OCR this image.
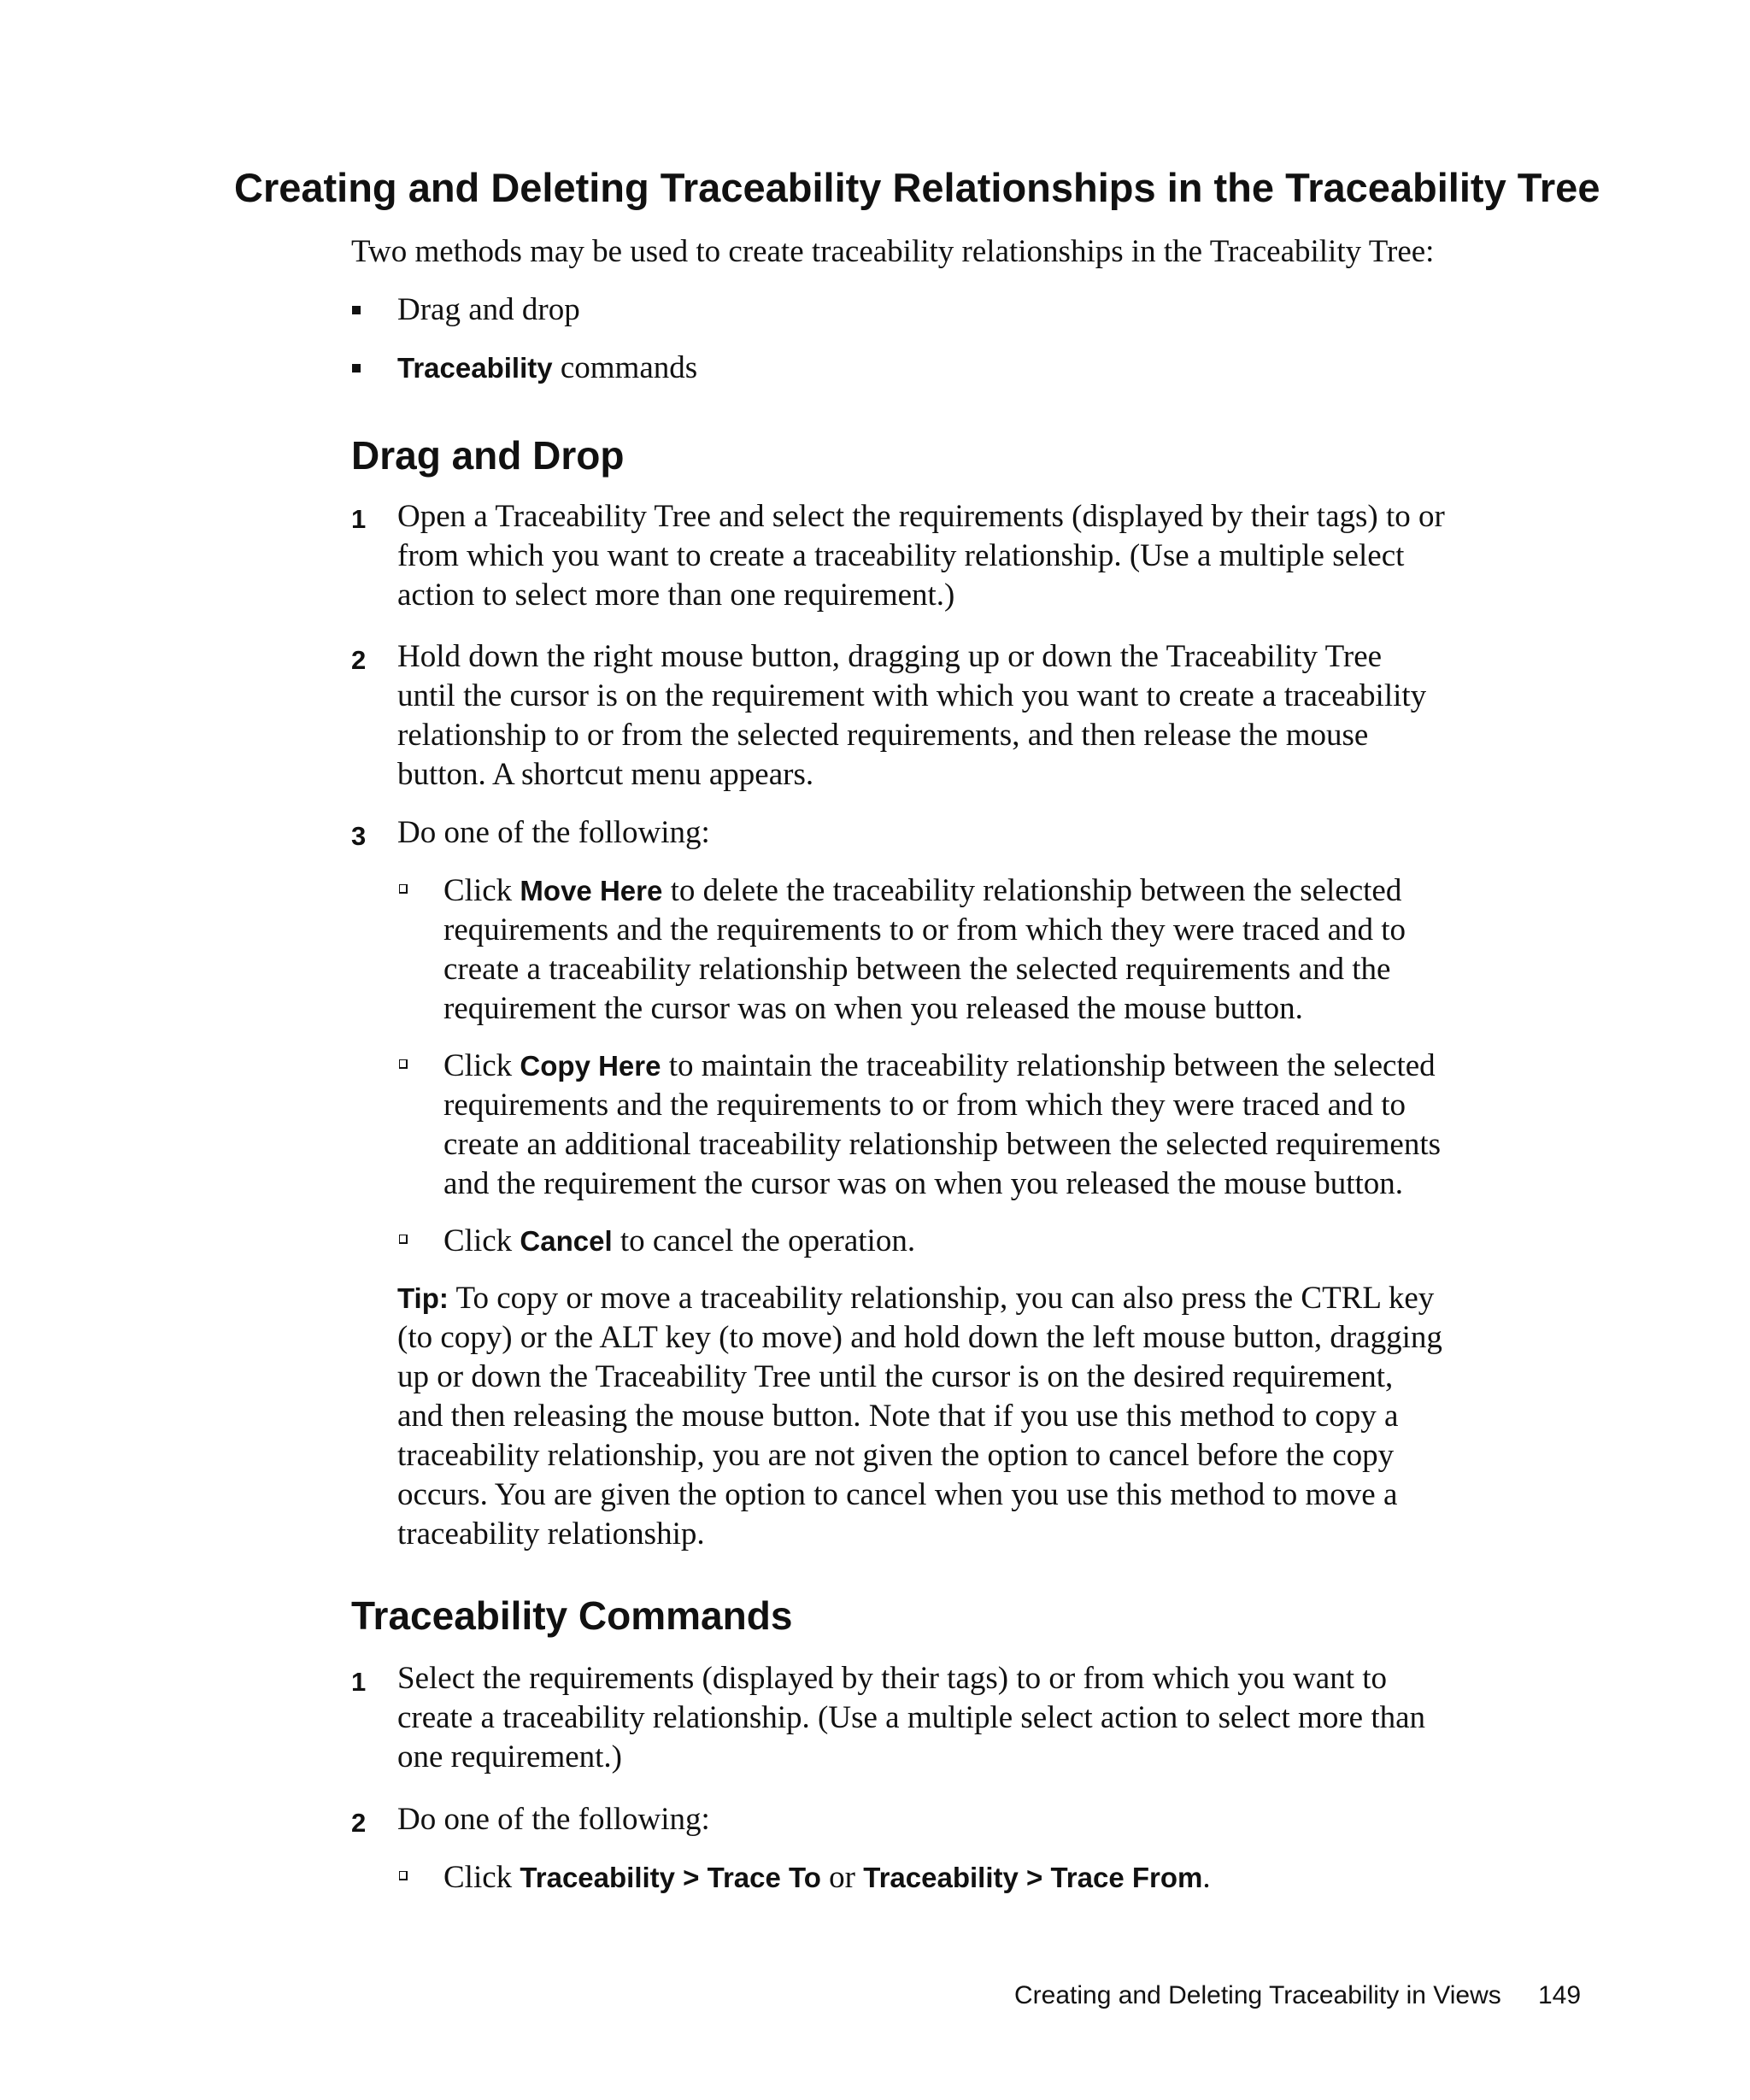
Creating and Deleting Traceability Relationships in the Traceability Tree
Two methods may be used to create traceability relationships in the Traceability Tree:
Drag and drop
Traceability commands
Drag and Drop
1 Open a Traceability Tree and select the requirements (displayed by their tags) to or
from which you want to create a traceability relationship. (Use a multiple select
action to select more than one requirement.)
2 Hold down the right mouse button, dragging up or down the Traceability Tree
until the cursor is on the requirement with which you want to create a traceability
relationship to or from the selected requirements, and then release the mouse
button. A shortcut menu appears.
3 Do one of the following:
Click Move Here to delete the traceability relationship between the selected
requirements and the requirements to or from which they were traced and to
create a traceability relationship between the selected requirements and the
requirement the cursor was on when you released the mouse button.
Click Copy Here to maintain the traceability relationship between the selected
requirements and the requirements to or from which they were traced and to
create an additional traceability relationship between the selected requirements
and the requirement the cursor was on when you released the mouse button.
Click Cancel to cancel the operation.
Tip: To copy or move a traceability relationship, you can also press the CTRL key
(to copy) or the ALT key (to move) and hold down the left mouse button, dragging
up or down the Traceability Tree until the cursor is on the desired requirement,
and then releasing the mouse button. Note that if you use this method to copy a
traceability relationship, you are not given the option to cancel before the copy
occurs. You are given the option to cancel when you use this method to move a
traceability relationship.
Traceability Commands
1 Select the requirements (displayed by their tags) to or from which you want to
create a traceability relationship. (Use a multiple select action to select more than
one requirement.)
2 Do one of the following:
Click Traceability > Trace To or Traceability > Trace From.
Creating and Deleting Traceability in Views 149
